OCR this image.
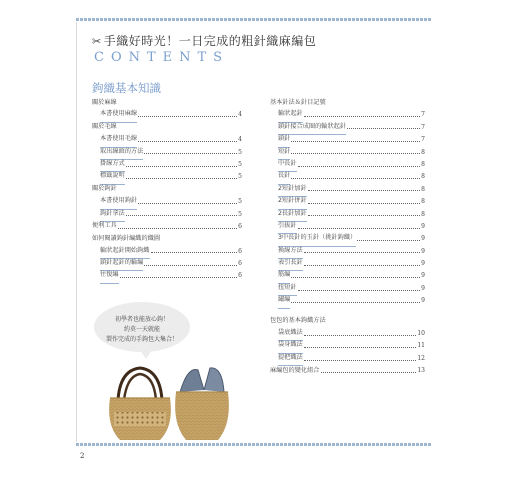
✂ 手織好時光！一日完成的粗針織麻編包
CONTENTS
鉤織基本知識
關於麻線
本書使用麻線	4
關於毛線
本書使用毛線	4
取出線頭的方法	5
掛線方式	5
標籤說明	5
關於鉤針
本書使用鉤針	5
鉤針拿法	5
便利工具	6
如何閱讀鉤針編織的織圖
輪狀起針開始鉤織	6
鎖針起針的輪編	6
往復編	6
基本針法＆針目記號
輪狀起針	7
鎖針接合成圈的輪狀起針	7
鎖針	7
短針	8
中長針	8
長針	8
2短針加針	8
2短針併針	8
2長針加針	8
引拔針	9
3中長針的玉針（挑針鉤織）	9
換線方法	9
表引長針	9
筋編	9
扭短針	9
繡編	9
包包的基本鉤織方法
袋底織法	10
袋身織法	11
提把織法	12
麻編包的變化組合	13
初學者也能放心鉤！
約莫一天就能
製作完成的手鉤包大集合！
2
